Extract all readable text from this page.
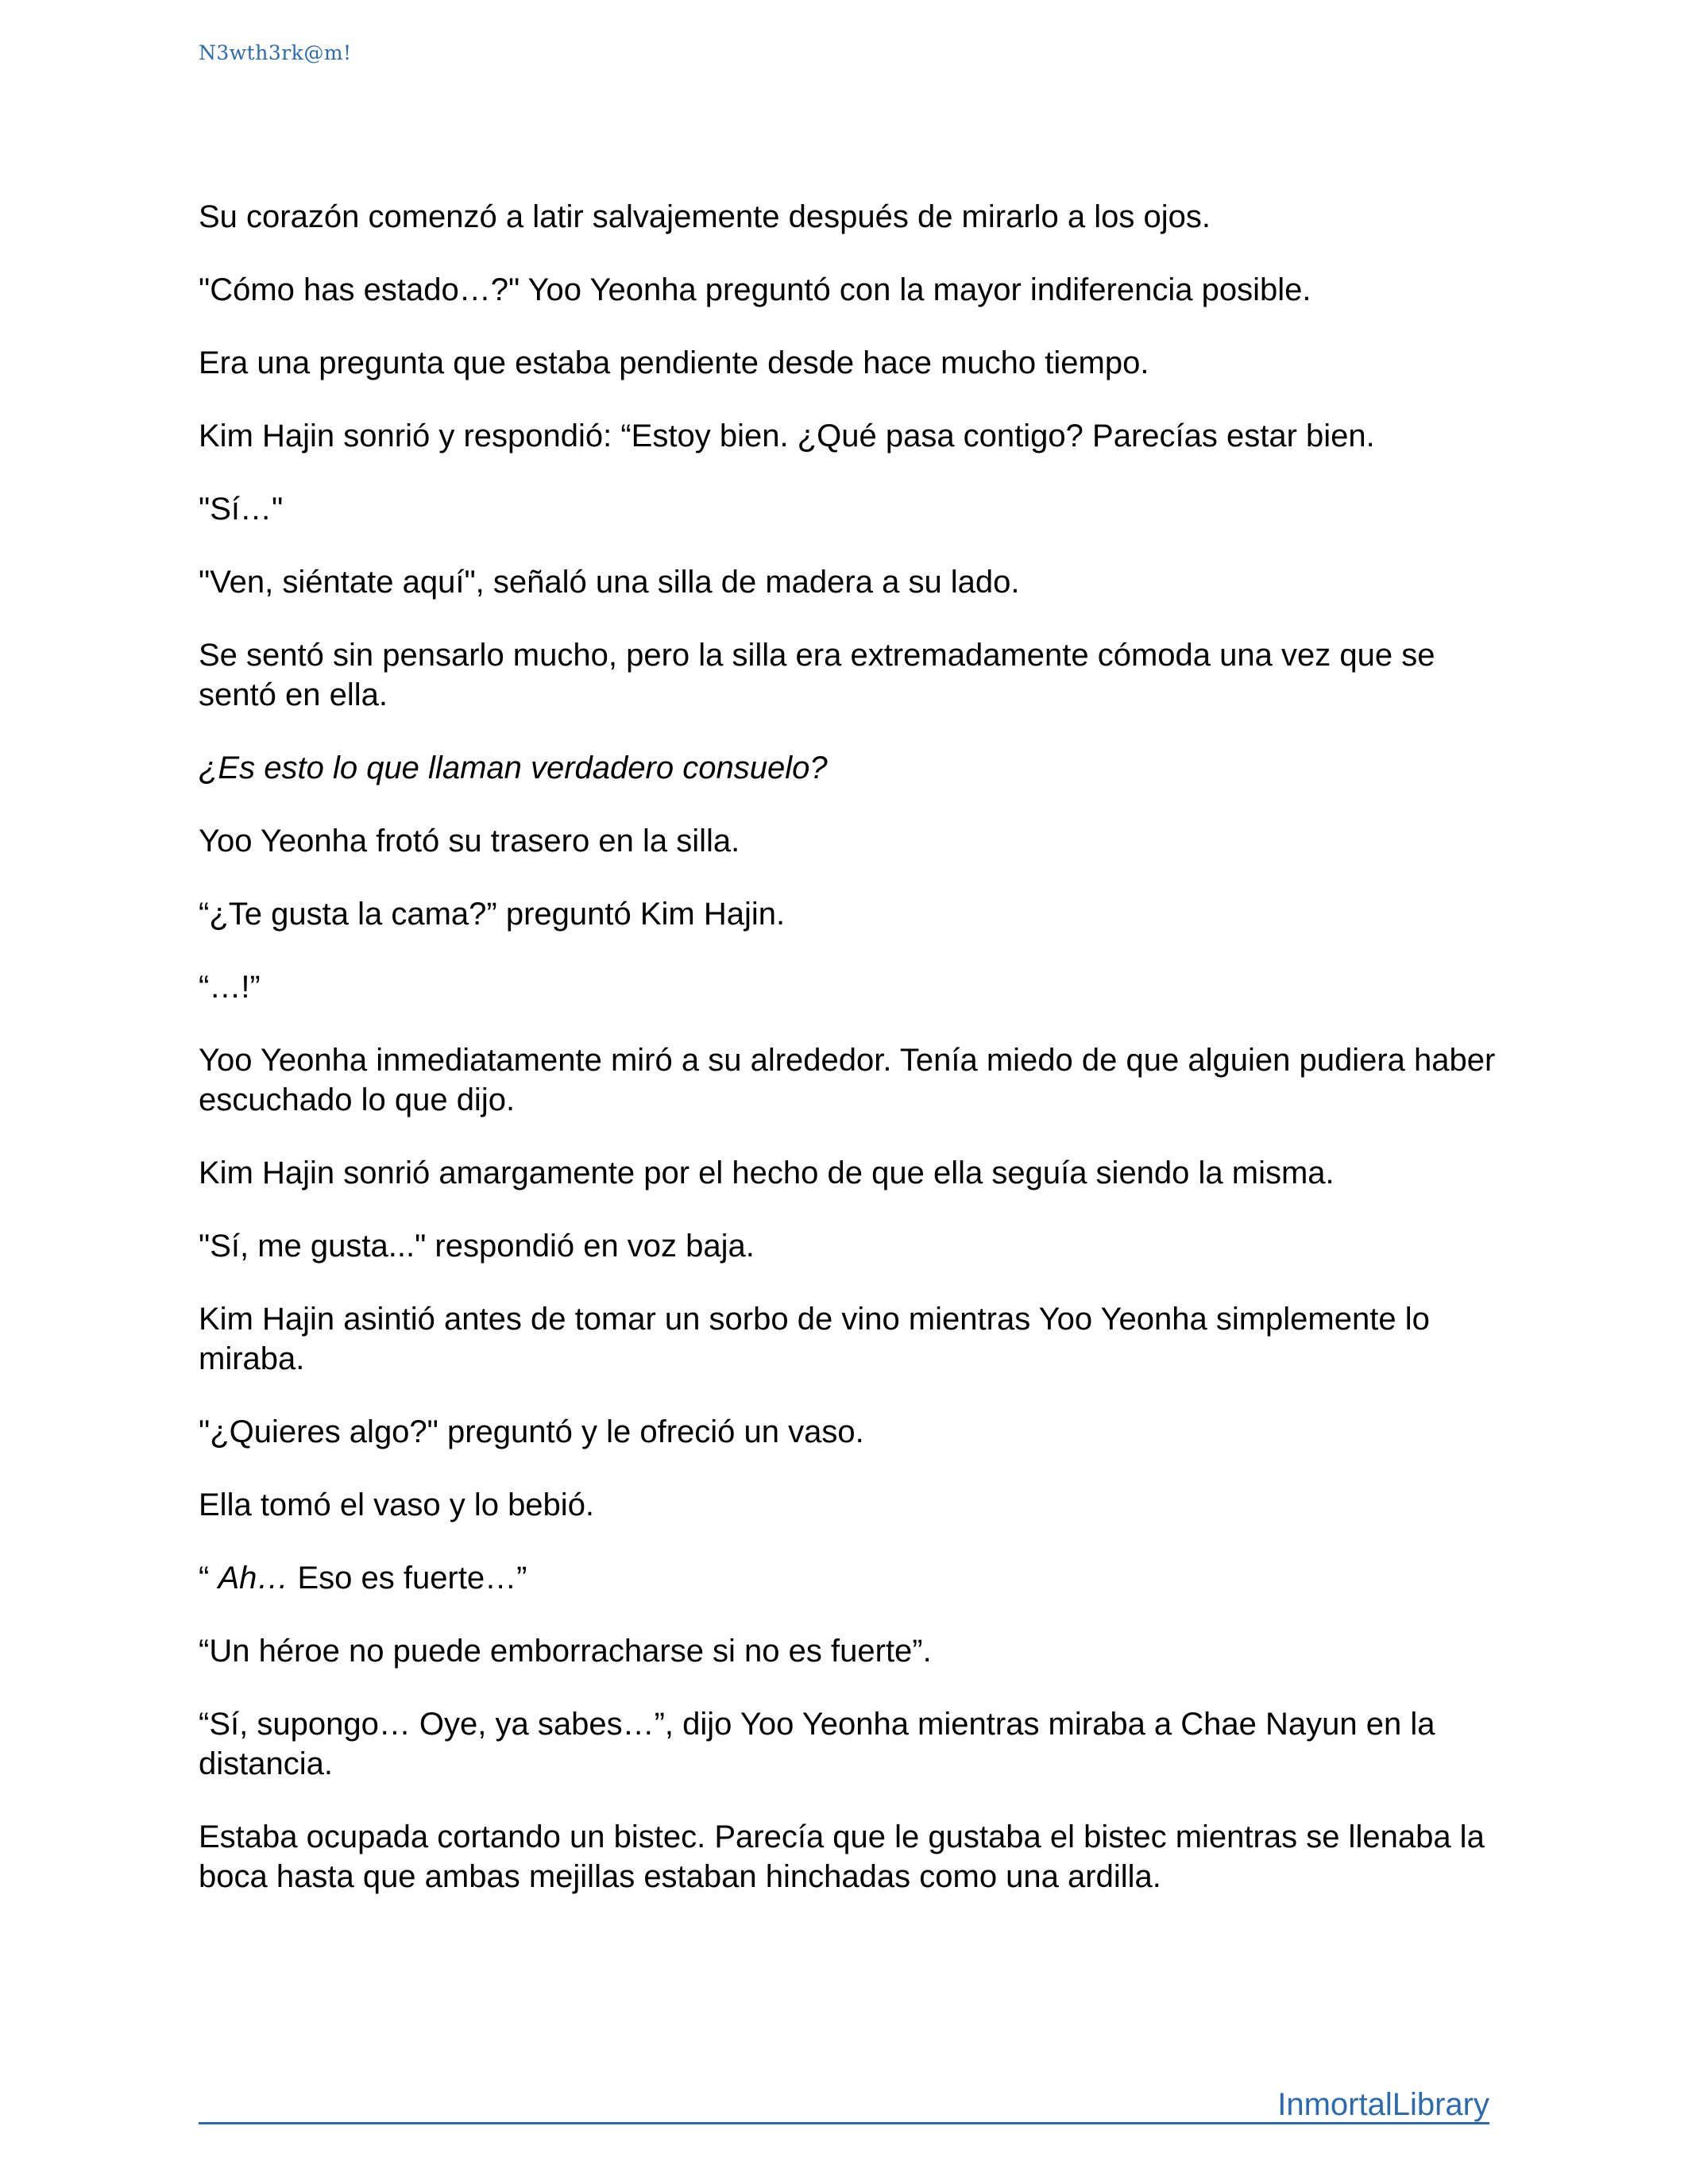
N3wth3rk@m!

Su corazón comenzó a latir salvajemente después de mirarlo a los ojos.

"Cómo has estado…?" Yoo Yeonha preguntó con la mayor indiferencia posible.

Era una pregunta que estaba pendiente desde hace mucho tiempo.

Kim Hajin sonrió y respondió: “Estoy bien. ¿Qué pasa contigo? Parecías estar bien.

"Sí…"

"Ven, siéntate aquí", señaló una silla de madera a su lado.

Se sentó sin pensarlo mucho, pero la silla era extremadamente cómoda una vez que se sentó en ella.

¿Es esto lo que llaman verdadero consuelo?

Yoo Yeonha frotó su trasero en la silla.

“¿Te gusta la cama?” preguntó Kim Hajin.

“…!”

Yoo Yeonha inmediatamente miró a su alrededor. Tenía miedo de que alguien pudiera haber escuchado lo que dijo.

Kim Hajin sonrió amargamente por el hecho de que ella seguía siendo la misma.

"Sí, me gusta..." respondió en voz baja.

Kim Hajin asintió antes de tomar un sorbo de vino mientras Yoo Yeonha simplemente lo miraba.

"¿Quieres algo?" preguntó y le ofreció un vaso.

Ella tomó el vaso y lo bebió.

“ Ah… Eso es fuerte…”

“Un héroe no puede emborracharse si no es fuerte”.

“Sí, supongo… Oye, ya sabes…”, dijo Yoo Yeonha mientras miraba a Chae Nayun en la distancia.

Estaba ocupada cortando un bistec. Parecía que le gustaba el bistec mientras se llenaba la boca hasta que ambas mejillas estaban hinchadas como una ardilla.

InmortalLibrary
